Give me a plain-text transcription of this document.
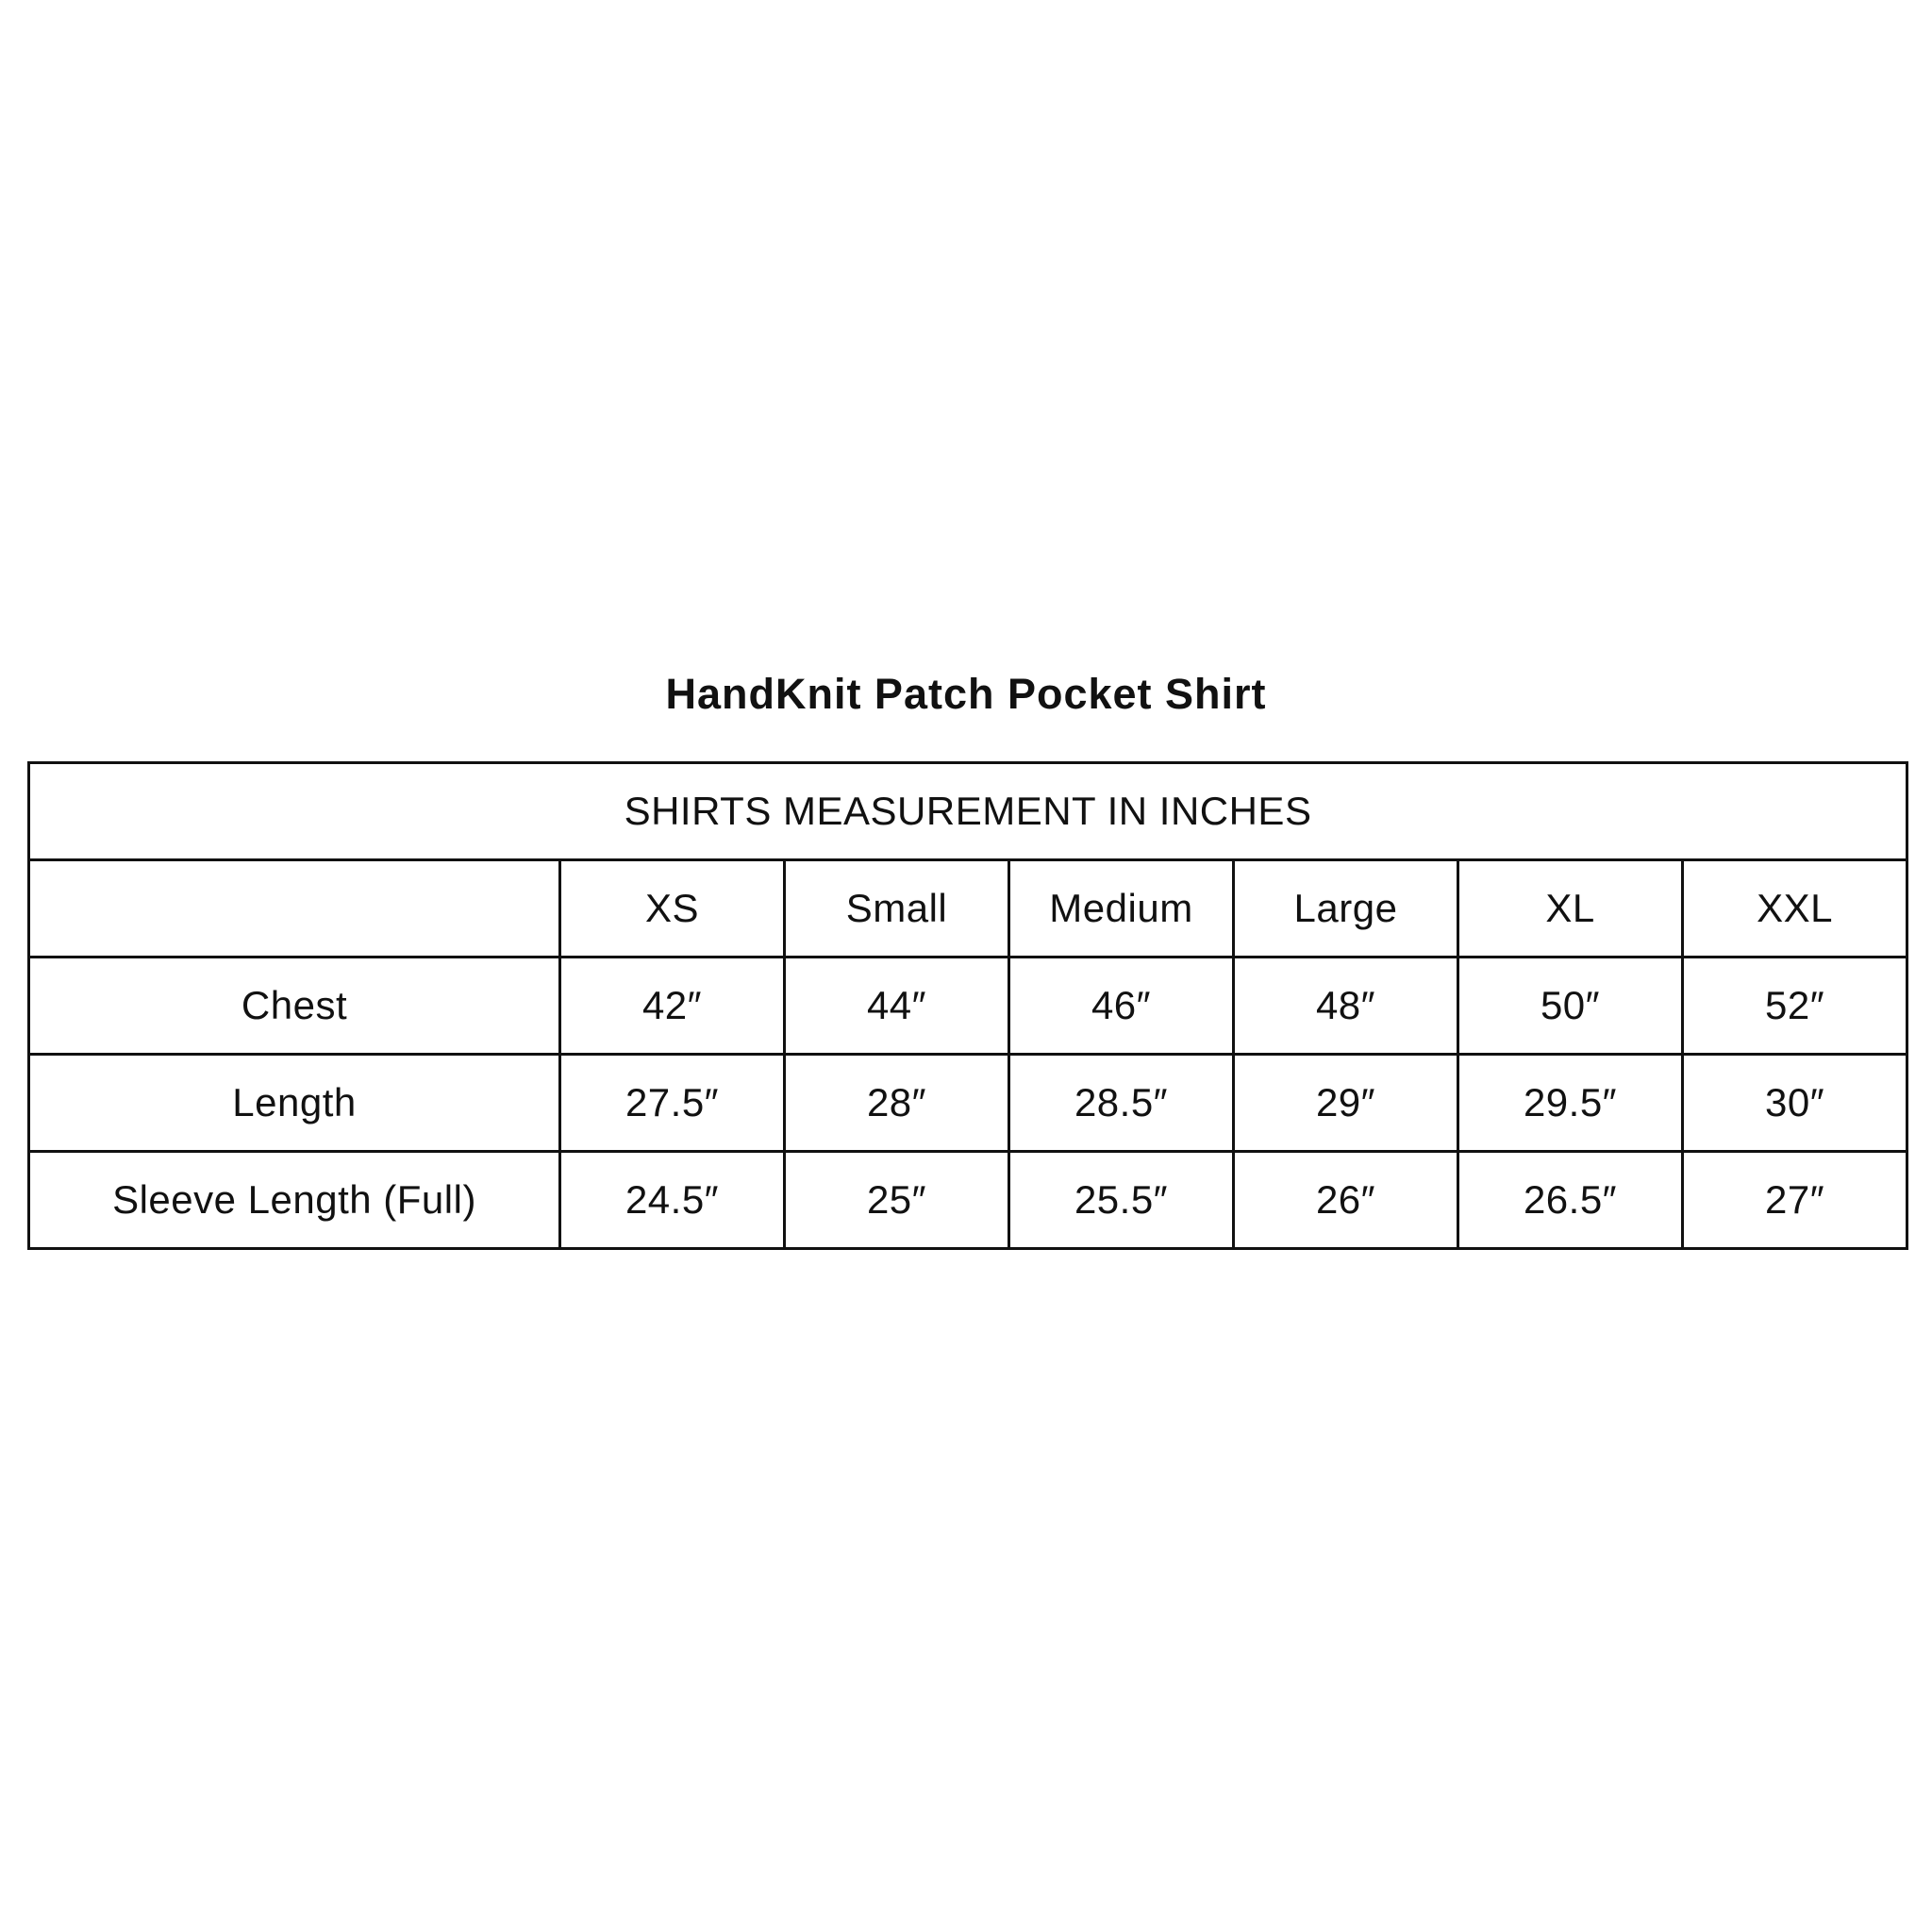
HandKnit Patch Pocket Shirt
SHIRTS MEASUREMENT IN INCHES						
	XS	Small	Medium	Large	XL	XXL
Chest	42″	44″	46″	48″	50″	52″
Length	27.5″	28″	28.5″	29″	29.5″	30″
Sleeve Length (Full)	24.5″	25″	25.5″	26″	26.5″	27″
